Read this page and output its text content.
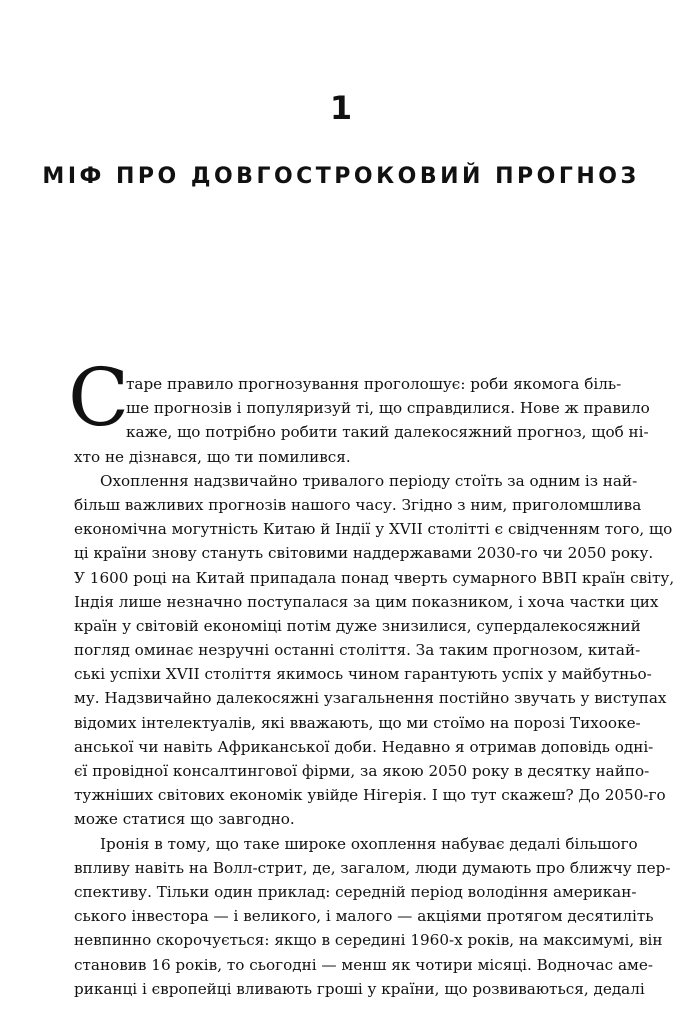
1
МІФ ПРО ДОВГОСТРОКОВИЙ ПРОГНОЗ
С
таре правило прогнозування проголошує: роби якомога біль-
ше прогнозів і популяризуй ті, що справдилися. Нове ж правило
каже, що потрібно робити такий далекосяжний прогноз, щоб ні-
хто не дізнався, що ти помилився.
Охоплення надзвичайно тривалого періоду стоїть за одним із най-
більш важливих прогнозів нашого часу. Згідно з ним, приголомшлива
економічна могутність Китаю й Індії у XVII столітті є свідченням того, що
ці країни знову стануть світовими наддержавами 2030-го чи 2050 року.
У 1600 році на Китай припадала понад чверть сумарного ВВП країн світу,
Індія лише незначно поступалася за цим показником, і хоча частки цих
країн у світовій економіці потім дуже знизилися, супердалекосяжний
погляд оминає незручні останні століття. За таким прогнозом, китай-
ські успіхи XVII століття якимось чином гарантують успіх у майбутньо-
му. Надзвичайно далекосяжні узагальнення постійно звучать у виступах
відомих інтелектуалів, які вважають, що ми стоїмо на порозі Тихооке-
анської чи навіть Африканської доби. Недавно я отримав доповідь одні-
єї провідної консалтингової фірми, за якою 2050 року в десятку найпо-
тужніших світових економік увійде Нігерія. І що тут скажеш? До 2050-го
може статися що завгодно.
Іронія в тому, що таке широке охоплення набуває дедалі більшого
впливу навіть на Волл-стрит, де, загалом, люди думають про ближчу пер-
спективу. Тільки один приклад: середній період володіння американ-
ського інвестора — і великого, і малого — акціями протягом десятиліть
невпинно скорочується: якщо в середині 1960-х років, на максимумі, він
становив 16 років, то сьогодні — менш як чотири місяці. Водночас аме-
риканці і європейці вливають гроші у країни, що розвиваються, дедалі
